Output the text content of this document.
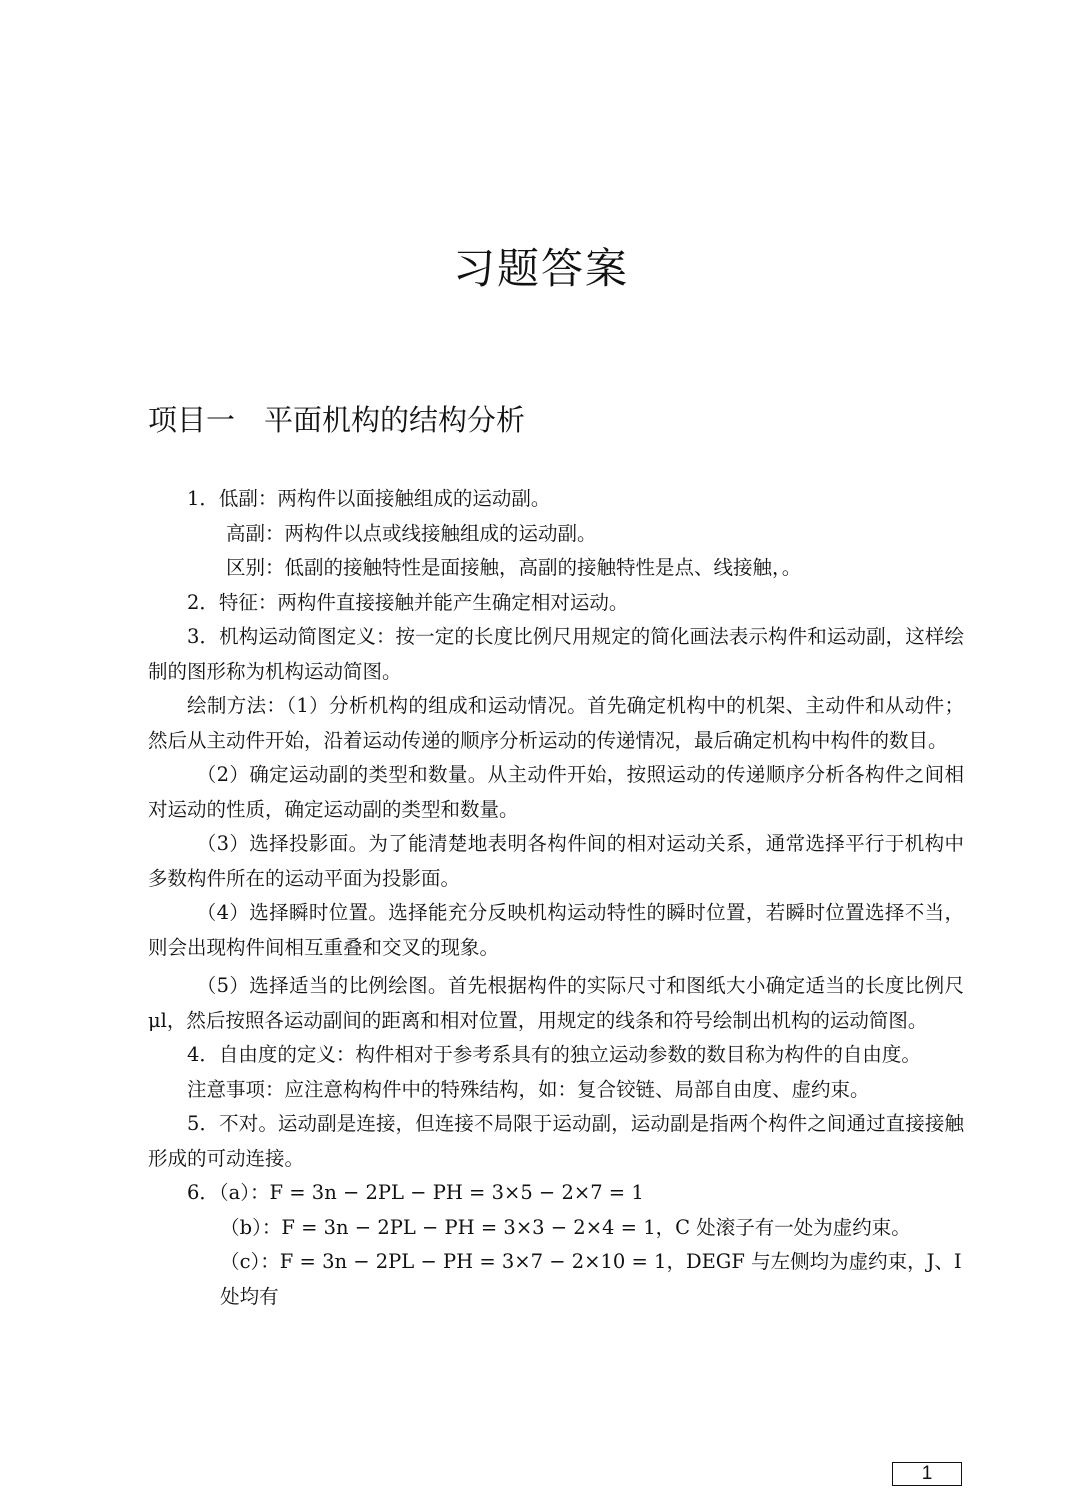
习题答案
项目一　平面机构的结构分析

1．低副：两构件以面接触组成的运动副。

高副：两构件以点或线接触组成的运动副。

区别：低副的接触特性是面接触，高副的接触特性是点、线接触，。

2．特征：两构件直接接触并能产生确定相对运动。

3．机构运动简图定义：按一定的长度比例尺用规定的简化画法表示构件和运动副，这样绘制的图形称为机构运动简图。

绘制方法：（1）分析机构的组成和运动情况。首先确定机构中的机架、主动件和从动件；然后从主动件开始，沿着运动传递的顺序分析运动的传递情况，最后确定机构中构件的数目。

（2）确定运动副的类型和数量。从主动件开始，按照运动的传递顺序分析各构件之间相对运动的性质，确定运动副的类型和数量。

（3）选择投影面。为了能清楚地表明各构件间的相对运动关系，通常选择平行于机构中多数构件所在的运动平面为投影面。

（4）选择瞬时位置。选择能充分反映机构运动特性的瞬时位置，若瞬时位置选择不当，则会出现构件间相互重叠和交叉的现象。

（5）选择适当的比例绘图。首先根据构件的实际尺寸和图纸大小确定适当的长度比例尺 μl，然后按照各运动副间的距离和相对位置，用规定的线条和符号绘制出机构的运动简图。

4．自由度的定义：构件相对于参考系具有的独立运动参数的数目称为构件的自由度。

注意事项：应注意构构件中的特殊结构，如：复合铰链、局部自由度、虚约束。

5．不对。运动副是连接，但连接不局限于运动副，运动副是指两个构件之间通过直接接触形成的可动连接。

6．（a）：F = 3n − 2PL − PH = 3×5 − 2×7 = 1

（b）：F = 3n − 2PL − PH = 3×3 − 2×4 = 1，C 处滚子有一处为虚约束。

（c）：F = 3n − 2PL − PH = 3×7 − 2×10 = 1，DEGF 与左侧均为虚约束，J、I 处均有

1
